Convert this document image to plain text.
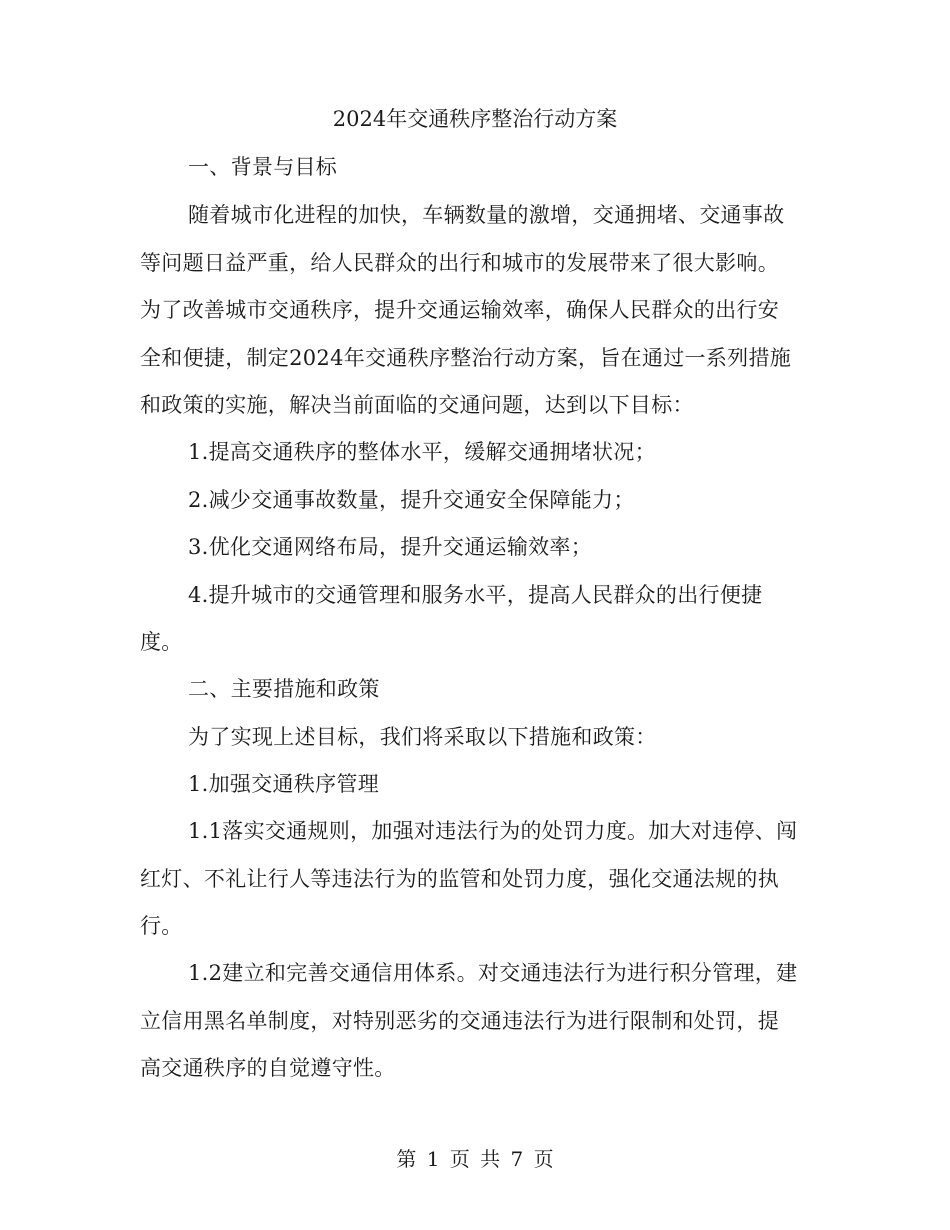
2024年交通秩序整治行动方案
一、背景与目标
随着城市化进程的加快，车辆数量的激增，交通拥堵、交通事故
等问题日益严重，给人民群众的出行和城市的发展带来了很大影响。
为了改善城市交通秩序，提升交通运输效率，确保人民群众的出行安
全和便捷，制定2024年交通秩序整治行动方案，旨在通过一系列措施
和政策的实施，解决当前面临的交通问题，达到以下目标：
1.提高交通秩序的整体水平，缓解交通拥堵状况；
2.减少交通事故数量，提升交通安全保障能力；
3.优化交通网络布局，提升交通运输效率；
4.提升城市的交通管理和服务水平，提高人民群众的出行便捷
度。
二、主要措施和政策
为了实现上述目标，我们将采取以下措施和政策：
1.加强交通秩序管理
1.1落实交通规则，加强对违法行为的处罚力度。加大对违停、闯
红灯、不礼让行人等违法行为的监管和处罚力度，强化交通法规的执
行。
1.2建立和完善交通信用体系。对交通违法行为进行积分管理，建
立信用黑名单制度，对特别恶劣的交通违法行为进行限制和处罚，提
高交通秩序的自觉遵守性。
第 1 页 共 7 页
